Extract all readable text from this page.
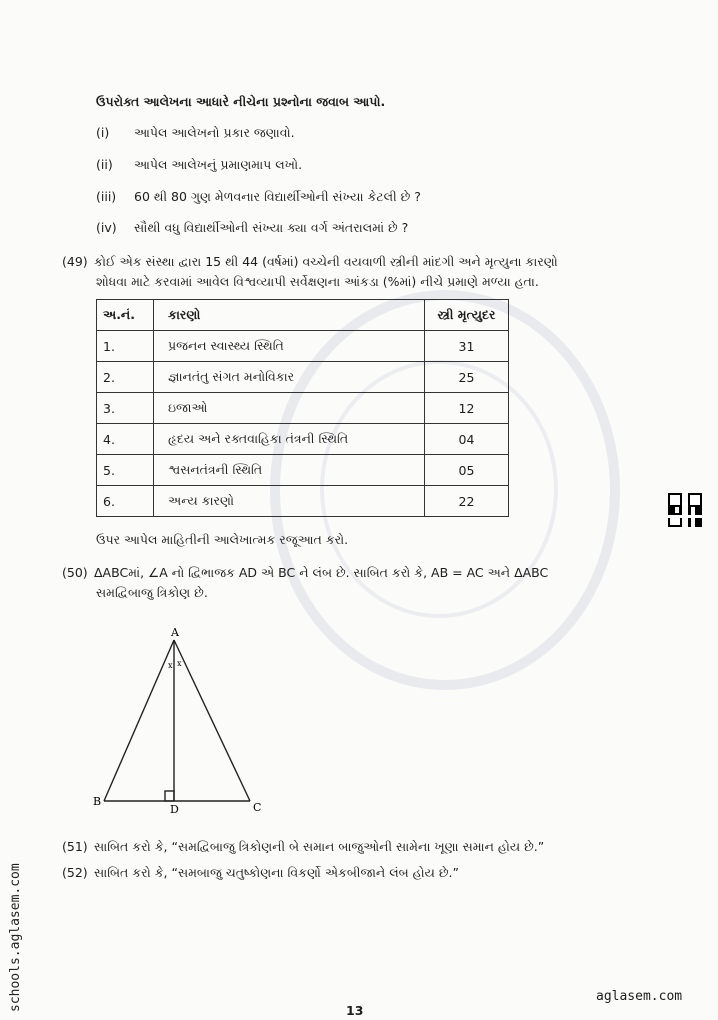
ઉપરોક્ત આલેખના આધારે નીચેના પ્રશ્નોના જવાબ આપો.
(i) આપેલ આલેખનો પ્રકાર જણાવો.
(ii) આપેલ આલેખનું પ્રમાણમાપ લખો.
(iii) 60 થી 80 ગુણ મેળવનાર વિદ્યાર્થીઓની સંખ્યા કેટલી છે ?
(iv) સૌથી વધુ વિદ્યાર્થીઓની સંખ્યા ક્યા વર્ગ અંતરાલમાં છે ?
(49) કોઈ એક સંસ્થા દ્વારા 15 થી 44 (વર્ષમાં) વચ્ચેની વયવાળી સ્ત્રીની માંદગી અને મૃત્યુના કારણો
શોધવા માટે કરવામાં આવેલ વિશ્વવ્યાપી સર્વેક્ષણના આંકડા (%માં) નીચે પ્રમાણે મળ્યા હતા.
અ.નં.	કારણો	સ્ત્રી મૃત્યુદર
1.	પ્રજનન સ્વાસ્થ્ય સ્થિતિ	31
2.	જ્ઞાનતંતુ સંગત મનોવિકાર	25
3.	ઇજાઓ	12
4.	હૃદય અને રક્તવાહિકા તંત્રની સ્થિતિ	04
5.	શ્વસનતંત્રની સ્થિતિ	05
6.	અન્ય કારણો	22
ઉપર આપેલ માહિતીની આલેખાત્મક રજૂઆત કરો.
(50) ΔABCમાં, ∠A નો દ્વિભાજક AD એ BC ને લંબ છે. સાબિત કરો કે, AB = AC અને ΔABC
સમદ્વિબાજુ ત્રિકોણ છે.
A
B	C
D
x x
(51) સાબિત કરો કે, “સમદ્વિબાજુ ત્રિકોણની બે સમાન બાજુઓની સામેના ખૂણા સમાન હોય છે.”
(52) સાબિત કરો કે, “સમબાજુ ચતુષ્કોણના વિકર્ણો એકબીજાને લંબ હોય છે.”
schools.aglasem.com	aglasem.com
13
